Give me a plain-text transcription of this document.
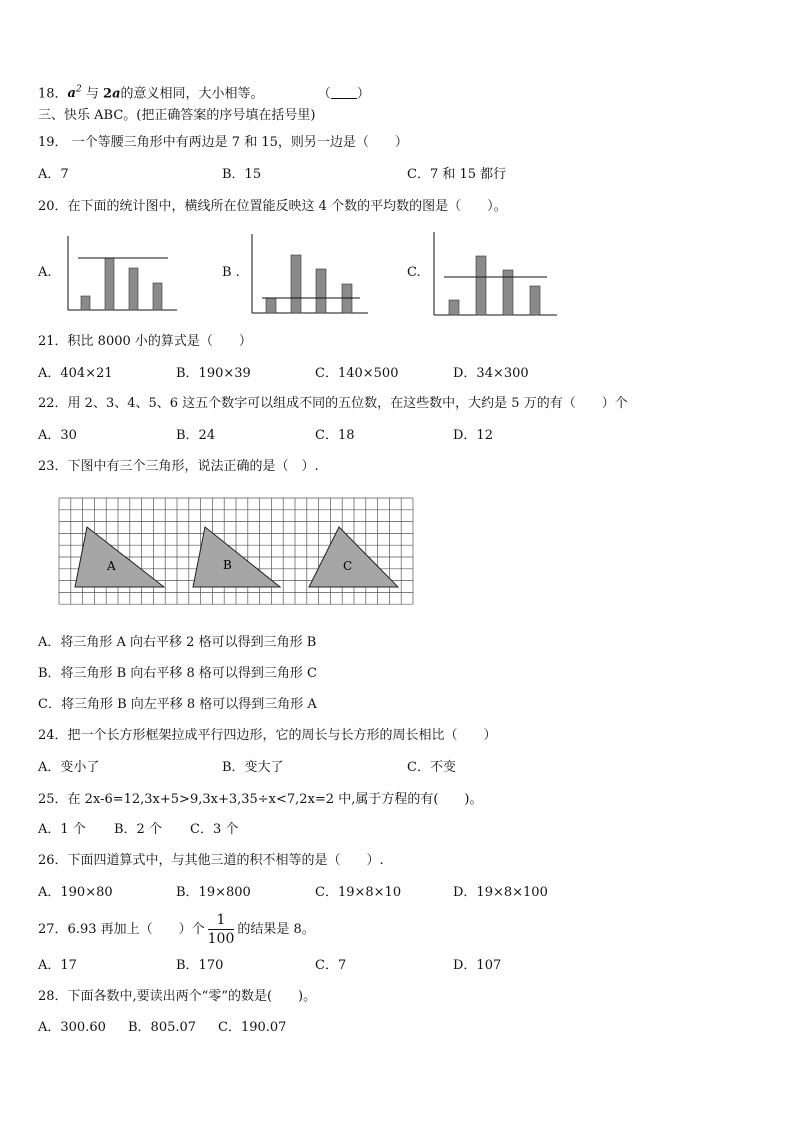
18．$a^2$ 与 2a的意义相同，大小相等。	（ ）
三、快乐 ABC。(把正确答案的序号填在括号里)
19． 一个等腰三角形中有两边是 7 和 15，则另一边是（　　）
A．7	B．15	C．7 和 15 都行
20．在下面的统计图中，横线所在位置能反映这 4 个数的平均数的图是（　　）。
A.	B .	C.
21．积比 8000 小的算式是（　　）
A．404×21	B．190×39	C．140×500	D．34×300
22．用 2、3、4、5、6 这五个数字可以组成不同的五位数，在这些数中，大约是 5 万的有（　　）个
A．30	B．24	C．18	D．12
23．下图中有三个三角形，说法正确的是（　）.
A	B	C
A．将三角形 A 向右平移 2 格可以得到三角形 B
B．将三角形 B 向右平移 8 格可以得到三角形 C
C．将三角形 B 向左平移 8 格可以得到三角形 A
24．把一个长方形框架拉成平行四边形，它的周长与长方形的周长相比（　　）
A．变小了	B．变大了	C．不变
25．在 2x-6=12,3x+5>9,3x+3,35÷x<7,2x=2 中,属于方程的有(　　)。
A．1 个 B．2 个 C．3 个
26．下面四道算式中，与其他三道的积不相等的是（　　）.
A．190×80	B．19×800	C．19×8×10	D．19×8×100
27．6.93 再加上（　　）个 $\frac{1}{100}$ 的结果是 8。
A．17	B．170	C．7	D．107
28．下面各数中,要读出两个“零”的数是(　　)。
A．300.60 B．805.07 C．190.07
